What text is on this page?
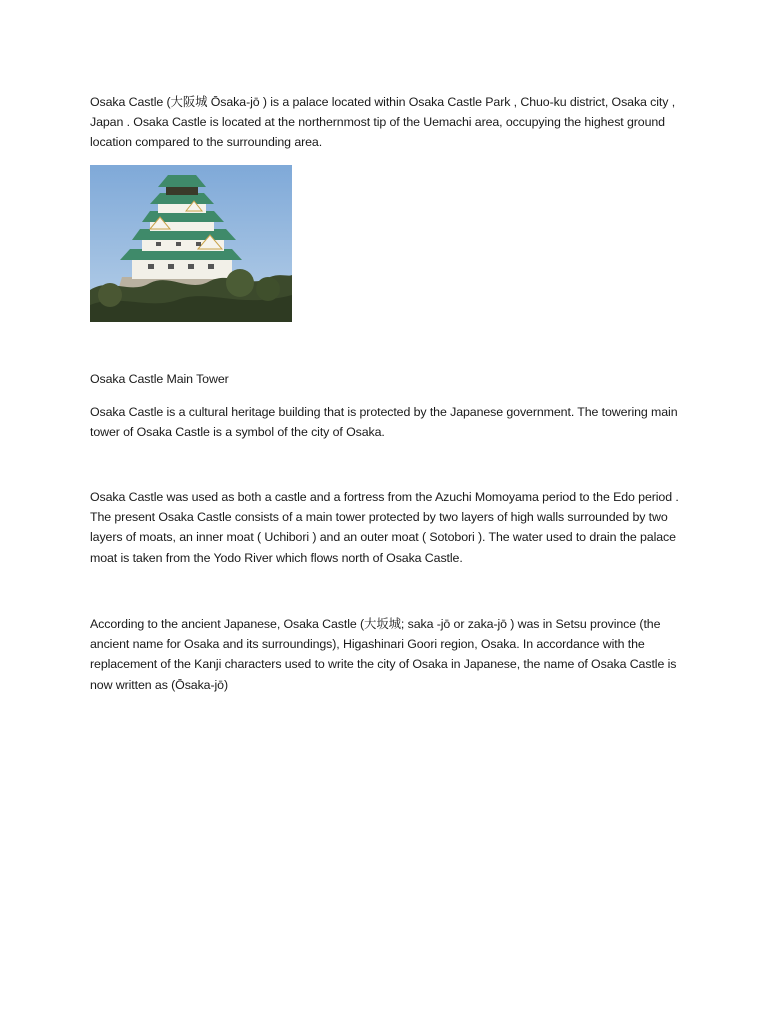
Osaka Castle (大阪城 Ōsaka-jō ) is a palace located within Osaka Castle Park , Chuo-ku district, Osaka city , Japan . Osaka Castle is located at the northernmost tip of the Uemachi area, occupying the highest ground location compared to the surrounding area.

Osaka Castle Main Tower

Osaka Castle is a cultural heritage building that is protected by the Japanese government. The towering main tower of Osaka Castle is a symbol of the city of Osaka.

Osaka Castle was used as both a castle and a fortress from the Azuchi Momoyama period to the Edo period . The present Osaka Castle consists of a main tower protected by two layers of high walls surrounded by two layers of moats, an inner moat ( Uchibori ) and an outer moat ( Sotobori ). The water used to drain the palace moat is taken from the Yodo River which flows north of Osaka Castle.

According to the ancient Japanese, Osaka Castle (大坂城; saka -jō or zaka-jō ) was in Setsu province (the ancient name for Osaka and its surroundings), Higashinari Goori region, Osaka. In accordance with the replacement of the Kanji characters used to write the city of Osaka in Japanese, the name of Osaka Castle is now written as (Ōsaka-jō)
